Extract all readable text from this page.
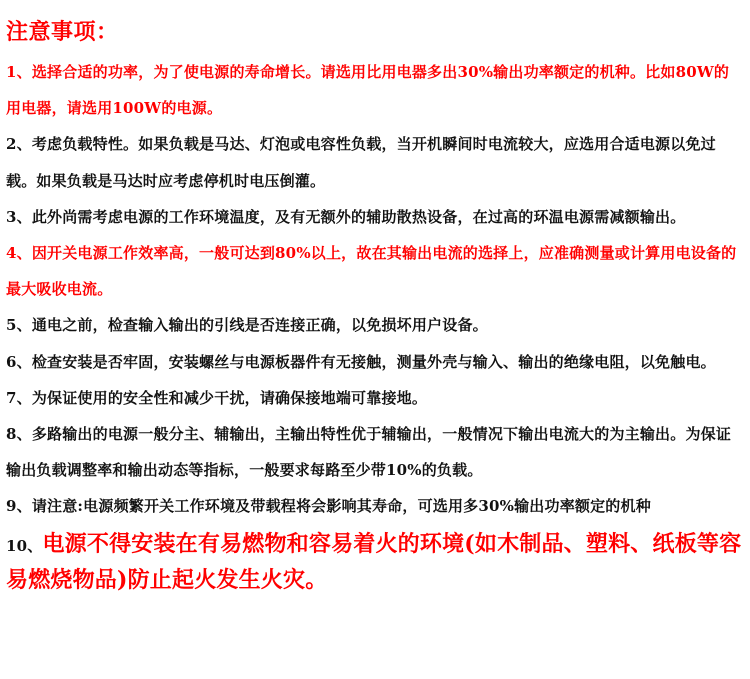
注意事项：
1、选择合适的功率，为了使电源的寿命增长。请选用比用电器多出30%输出功率额定的机种。比如80W的用电器，请选用100W的电源。
2、考虑负载特性。如果负载是马达、灯泡或电容性负载，当开机瞬间时电流较大，应选用合适电源以免过载。如果负载是马达时应考虑停机时电压倒灌。
3、此外尚需考虑电源的工作环境温度，及有无额外的辅助散热设备，在过高的环温电源需减额输出。
4、因开关电源工作效率高，一般可达到80%以上，故在其输出电流的选择上，应准确测量或计算用电设备的最大吸收电流。
5、通电之前，检查输入输出的引线是否连接正确，以免损坏用户设备。
6、检查安装是否牢固，安装螺丝与电源板器件有无接触，测量外壳与输入、输出的绝缘电阻，以免触电。
7、为保证使用的安全性和减少干扰，请确保接地端可靠接地。
8、多路输出的电源一般分主、辅输出，主输出特性优于辅输出，一般情况下输出电流大的为主输出。为保证输出负载调整率和输出动态等指标，一般要求每路至少带10%的负载。
9、请注意:电源频繁开关工作环境及带载程将会影响其寿命，可选用多30%输出功率额定的机种
10、电源不得安装在有易燃物和容易着火的环境(如木制品、塑料、纸板等容易燃烧物品)防止起火发生火灾。
